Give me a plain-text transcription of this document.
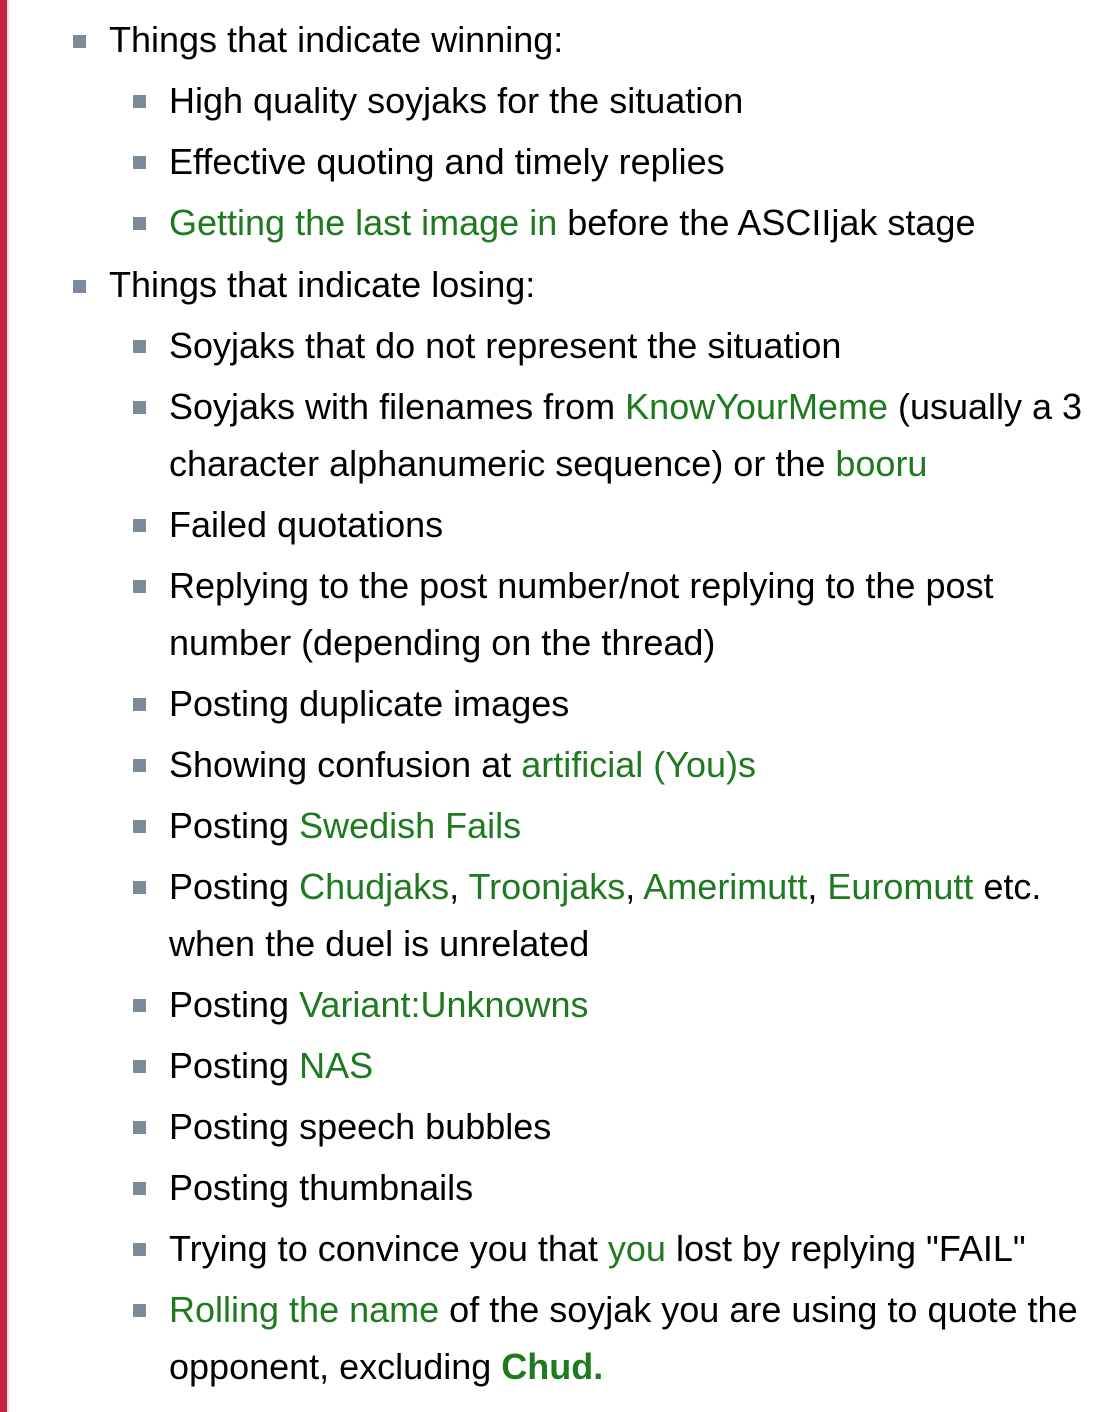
Things that indicate winning:
High quality soyjaks for the situation
Effective quoting and timely replies
Getting the last image in before the ASCIIjak stage
Things that indicate losing:
Soyjaks that do not represent the situation
Soyjaks with filenames from KnowYourMeme (usually a 3 character alphanumeric sequence) or the booru
Failed quotations
Replying to the post number/not replying to the post number (depending on the thread)
Posting duplicate images
Showing confusion at artificial (You)s
Posting Swedish Fails
Posting Chudjaks, Troonjaks, Amerimutt, Euromutt etc. when the duel is unrelated
Posting Variant:Unknowns
Posting NAS
Posting speech bubbles
Posting thumbnails
Trying to convince you that you lost by replying "FAIL"
Rolling the name of the soyjak you are using to quote the opponent, excluding Chud.
